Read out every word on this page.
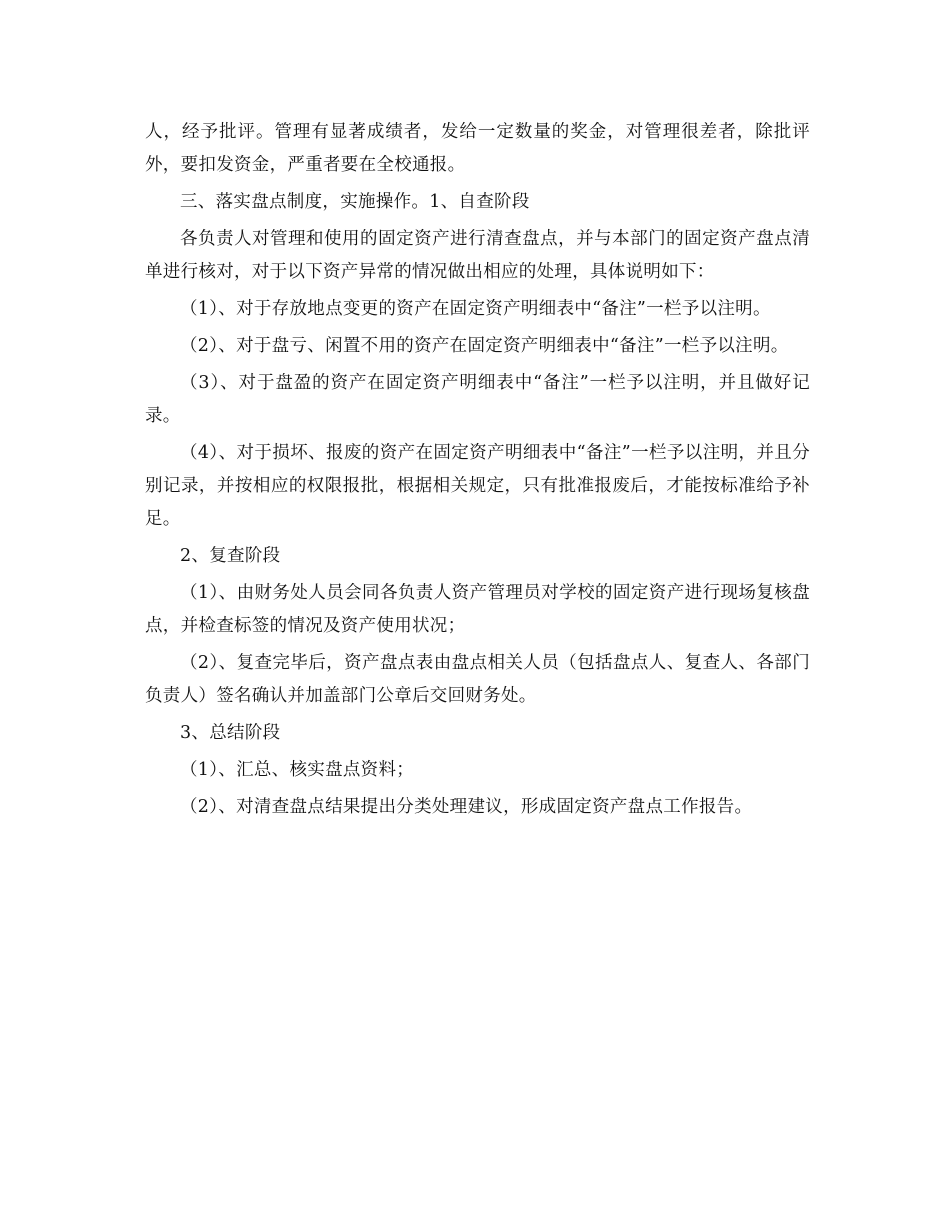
人，经予批评。管理有显著成绩者，发给一定数量的奖金，对管理很差者，除批评外，要扣发资金，严重者要在全校通报。

三、落实盘点制度，实施操作。1、自查阶段

各负责人对管理和使用的固定资产进行清查盘点，并与本部门的固定资产盘点清单进行核对，对于以下资产异常的情况做出相应的处理，具体说明如下：

（1）、对于存放地点变更的资产在固定资产明细表中“备注”一栏予以注明。

（2）、对于盘亏、闲置不用的资产在固定资产明细表中“备注”一栏予以注明。

（3）、对于盘盈的资产在固定资产明细表中“备注”一栏予以注明，并且做好记录。

（4）、对于损坏、报废的资产在固定资产明细表中“备注”一栏予以注明，并且分别记录，并按相应的权限报批，根据相关规定，只有批准报废后，才能按标准给予补足。

2、复查阶段

（1）、由财务处人员会同各负责人资产管理员对学校的固定资产进行现场复核盘点，并检查标签的情况及资产使用状况；

（2）、复查完毕后，资产盘点表由盘点相关人员（包括盘点人、复查人、各部门负责人）签名确认并加盖部门公章后交回财务处。

3、总结阶段

（1）、汇总、核实盘点资料；

（2）、对清查盘点结果提出分类处理建议，形成固定资产盘点工作报告。
